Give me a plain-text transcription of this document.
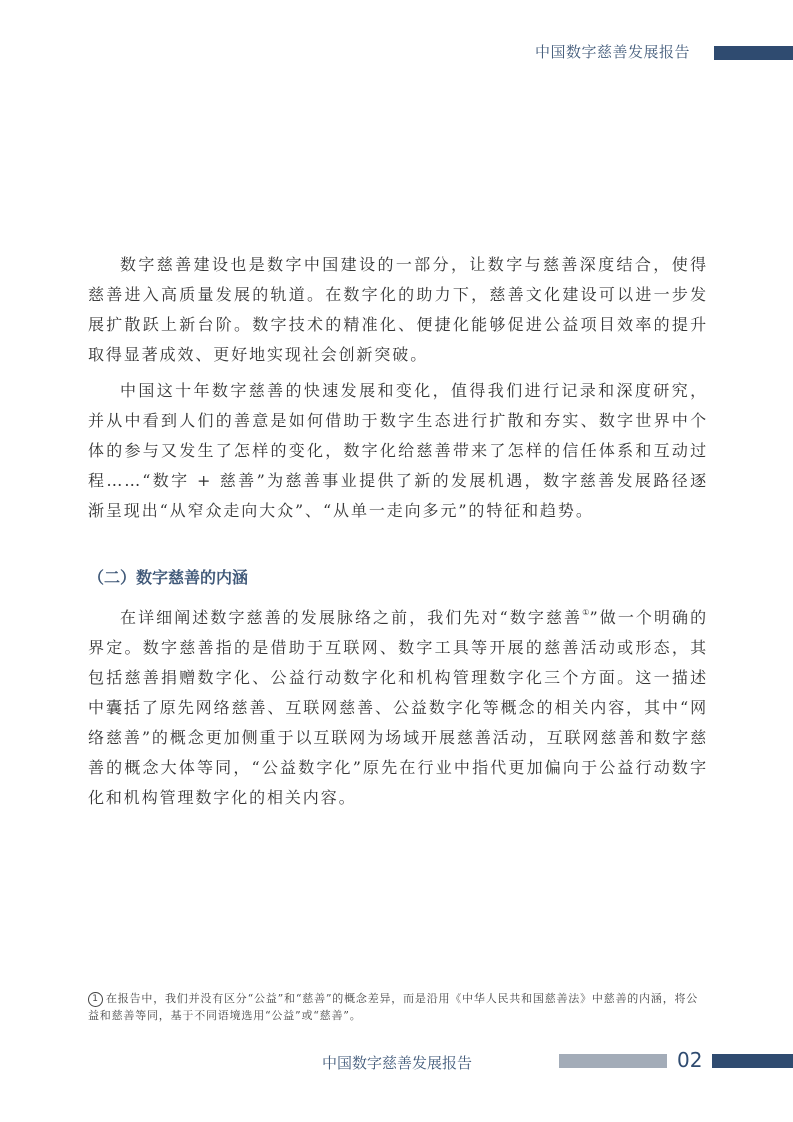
中国数字慈善发展报告

数字慈善建设也是数字中国建设的一部分，让数字与慈善深度结合，使得慈善进入高质量发展的轨道。在数字化的助力下，慈善文化建设可以进一步发展扩散跃上新台阶。数字技术的精准化、便捷化能够促进公益项目效率的提升取得显著成效、更好地实现社会创新突破。

中国这十年数字慈善的快速发展和变化，值得我们进行记录和深度研究，并从中看到人们的善意是如何借助于数字生态进行扩散和夯实、数字世界中个体的参与又发生了怎样的变化，数字化给慈善带来了怎样的信任体系和互动过程……“数字 + 慈善”为慈善事业提供了新的发展机遇，数字慈善发展路径逐渐呈现出“从窄众走向大众”、“从单一走向多元”的特征和趋势。

（二）数字慈善的内涵

在详细阐述数字慈善的发展脉络之前，我们先对“数字慈善①”做一个明确的界定。数字慈善指的是借助于互联网、数字工具等开展的慈善活动或形态，其包括慈善捐赠数字化、公益行动数字化和机构管理数字化三个方面。这一描述中囊括了原先网络慈善、互联网慈善、公益数字化等概念的相关内容，其中“网络慈善”的概念更加侧重于以互联网为场域开展慈善活动，互联网慈善和数字慈善的概念大体等同，“公益数字化”原先在行业中指代更加偏向于公益行动数字化和机构管理数字化的相关内容。

1 在报告中，我们并没有区分“公益”和“慈善”的概念差异，而是沿用《中华人民共和国慈善法》中慈善的内涵，将公益和慈善等同，基于不同语境选用“公益”或“慈善”。
中国数字慈善发展报告	02
